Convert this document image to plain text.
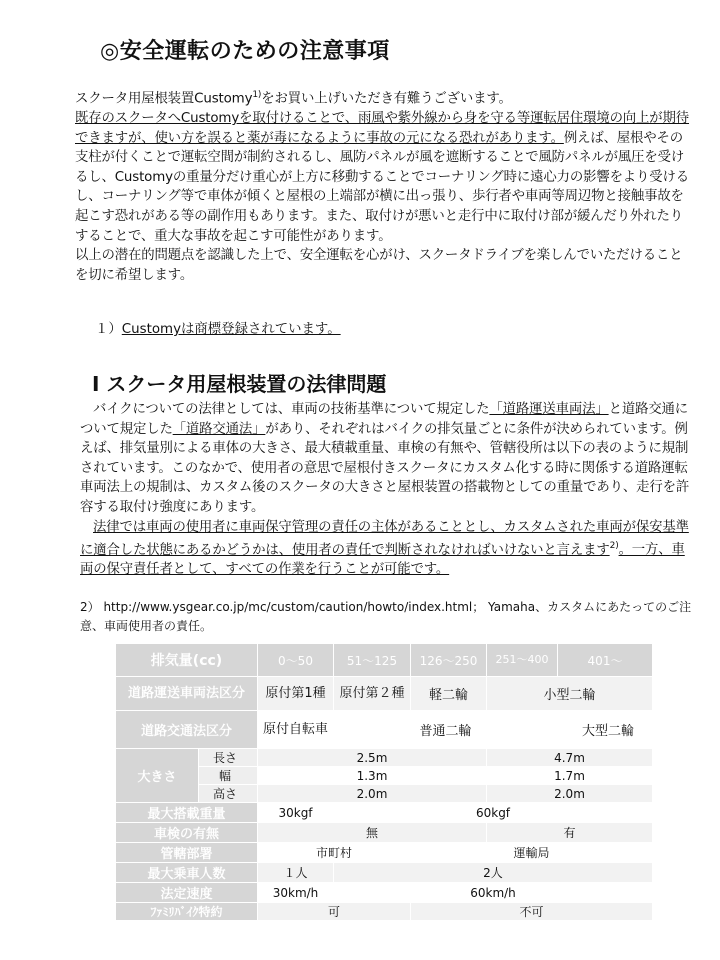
◎安全運転のための注意事項
スクータ用屋根装置Customy$^{1)}$をお買い上げいただき有難うございます。
既存のスクータへCustomyを取付けることで、雨風や紫外線から身を守る等運転居住環境の向上が期待できますが、使い方を誤ると薬が毒になるように事故の元になる恐れがあります。例えば、屋根やその支柱が付くことで運転空間が制約されるし、風防パネルが風を遮断することで風防パネルが風圧を受けるし、Customyの重量分だけ重心が上方に移動することでコーナリング時に遠心力の影響をより受けるし、コーナリング等で車体が傾くと屋根の上端部が横に出っ張り、歩行者や車両等周辺物と接触事故を起こす恐れがある等の副作用もあります。また、取付けが悪いと走行中に取付け部が緩んだり外れたりすることで、重大な事故を起こす可能性があります。
以上の潜在的問題点を認識した上で、安全運転を心がけ、スクータドライブを楽しんでいただけることを切に希望します。
１）Customyは商標登録されています。
Ⅰ スクータ用屋根装置の法律問題
バイクについての法律としては、車両の技術基準について規定した「道路運送車両法」と道路交通について規定した「道路交通法」があり、それぞれはバイクの排気量ごとに条件が決められています。例えば、排気量別による車体の大きさ、最大積載重量、車検の有無や、管轄役所は以下の表のように規制されています。このなかで、使用者の意思で屋根付きスクータにカスタム化する時に関係する道路運転車両法上の規制は、カスタム後のスクータの大きさと屋根装置の搭載物としての重量であり、走行を許容する取付け強度にあります。
法律では車両の使用者に車両保守管理の責任の主体があることとし、カスタムされた車両が保安基準に適合した状態にあるかどうかは、使用者の責任で判断されなければいけないと言えます$^{2)}$。一方、車両の保守責任者として、すべての作業を行うことが可能です。
2） http://www.ysgear.co.jp/mc/custom/caution/howto/index.html； Yamaha、カスタムにあたってのご注意、車両使用者の責任。
排気量(cc)		0～50	51～125	126～250	251～400	401～
道路運送車両法区分		原付第1種	原付第２種	軽二輪	小型二輪	
道路交通法区分		原付自転車	普通二輪			大型二輪
大きさ	長さ	2.5m			4.7m	
	幅	1.3m			1.7m	
	高さ	2.0m			2.0m	
最大搭載重量		30kgf	60kgf			
車検の有無		無			有	
管轄部署		市町村		運輸局		
最大乗車人数		１人	2人			
法定速度		30km/h	60km/h			
ﾌｧﾐﾘﾊﾞｲｸ特約		可		不可		
